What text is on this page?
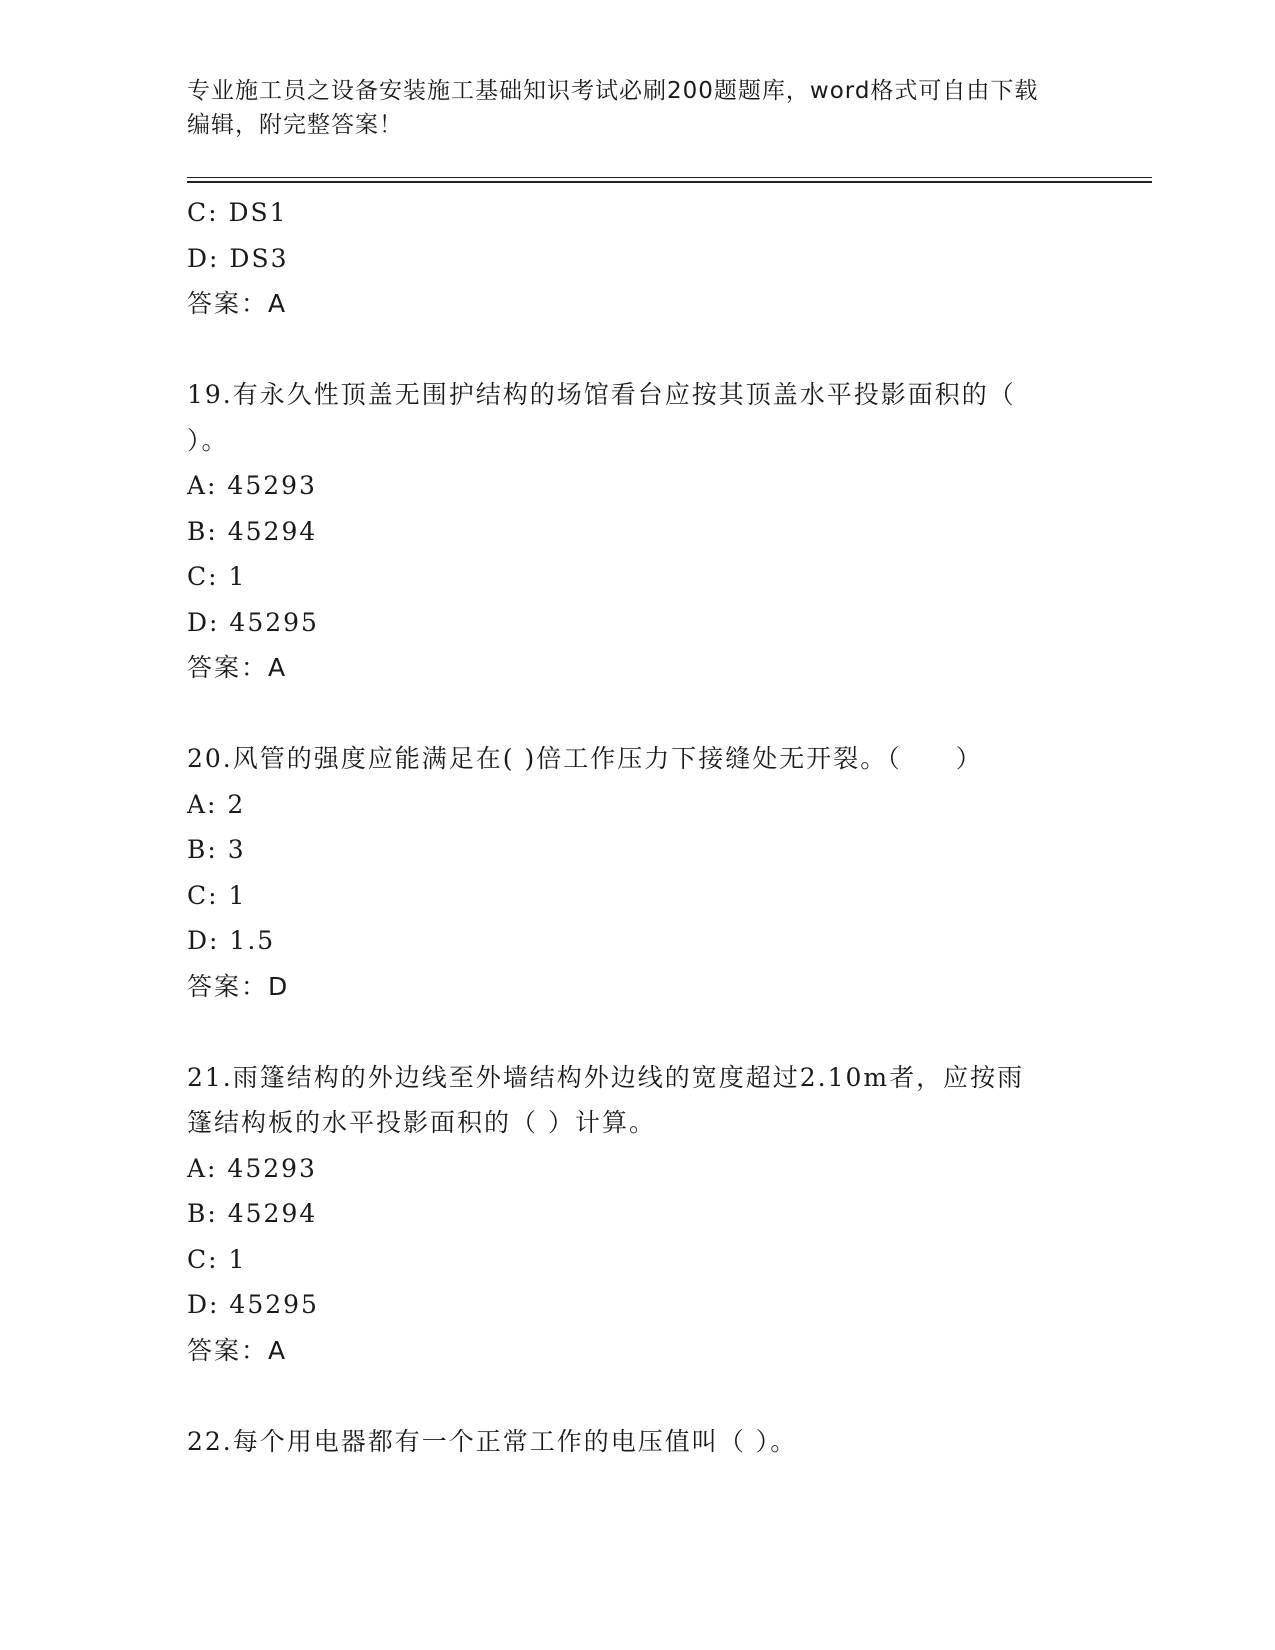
专业施工员之设备安装施工基础知识考试必刷200题题库，word格式可自由下载
编辑，附完整答案！
C: DS1
D: DS3
答案：A
19.有永久性顶盖无围护结构的场馆看台应按其顶盖水平投影面积的（
）。
A: 45293
B: 45294
C: 1
D: 45295
答案：A
20.风管的强度应能满足在( )倍工作压力下接缝处无开裂。（　　）
A: 2
B: 3
C: 1
D: 1.5
答案：D
21.雨篷结构的外边线至外墙结构外边线的宽度超过2.10m者，应按雨
篷结构板的水平投影面积的（ ）计算。
A: 45293
B: 45294
C: 1
D: 45295
答案：A
22.每个用电器都有一个正常工作的电压值叫（ ）。
